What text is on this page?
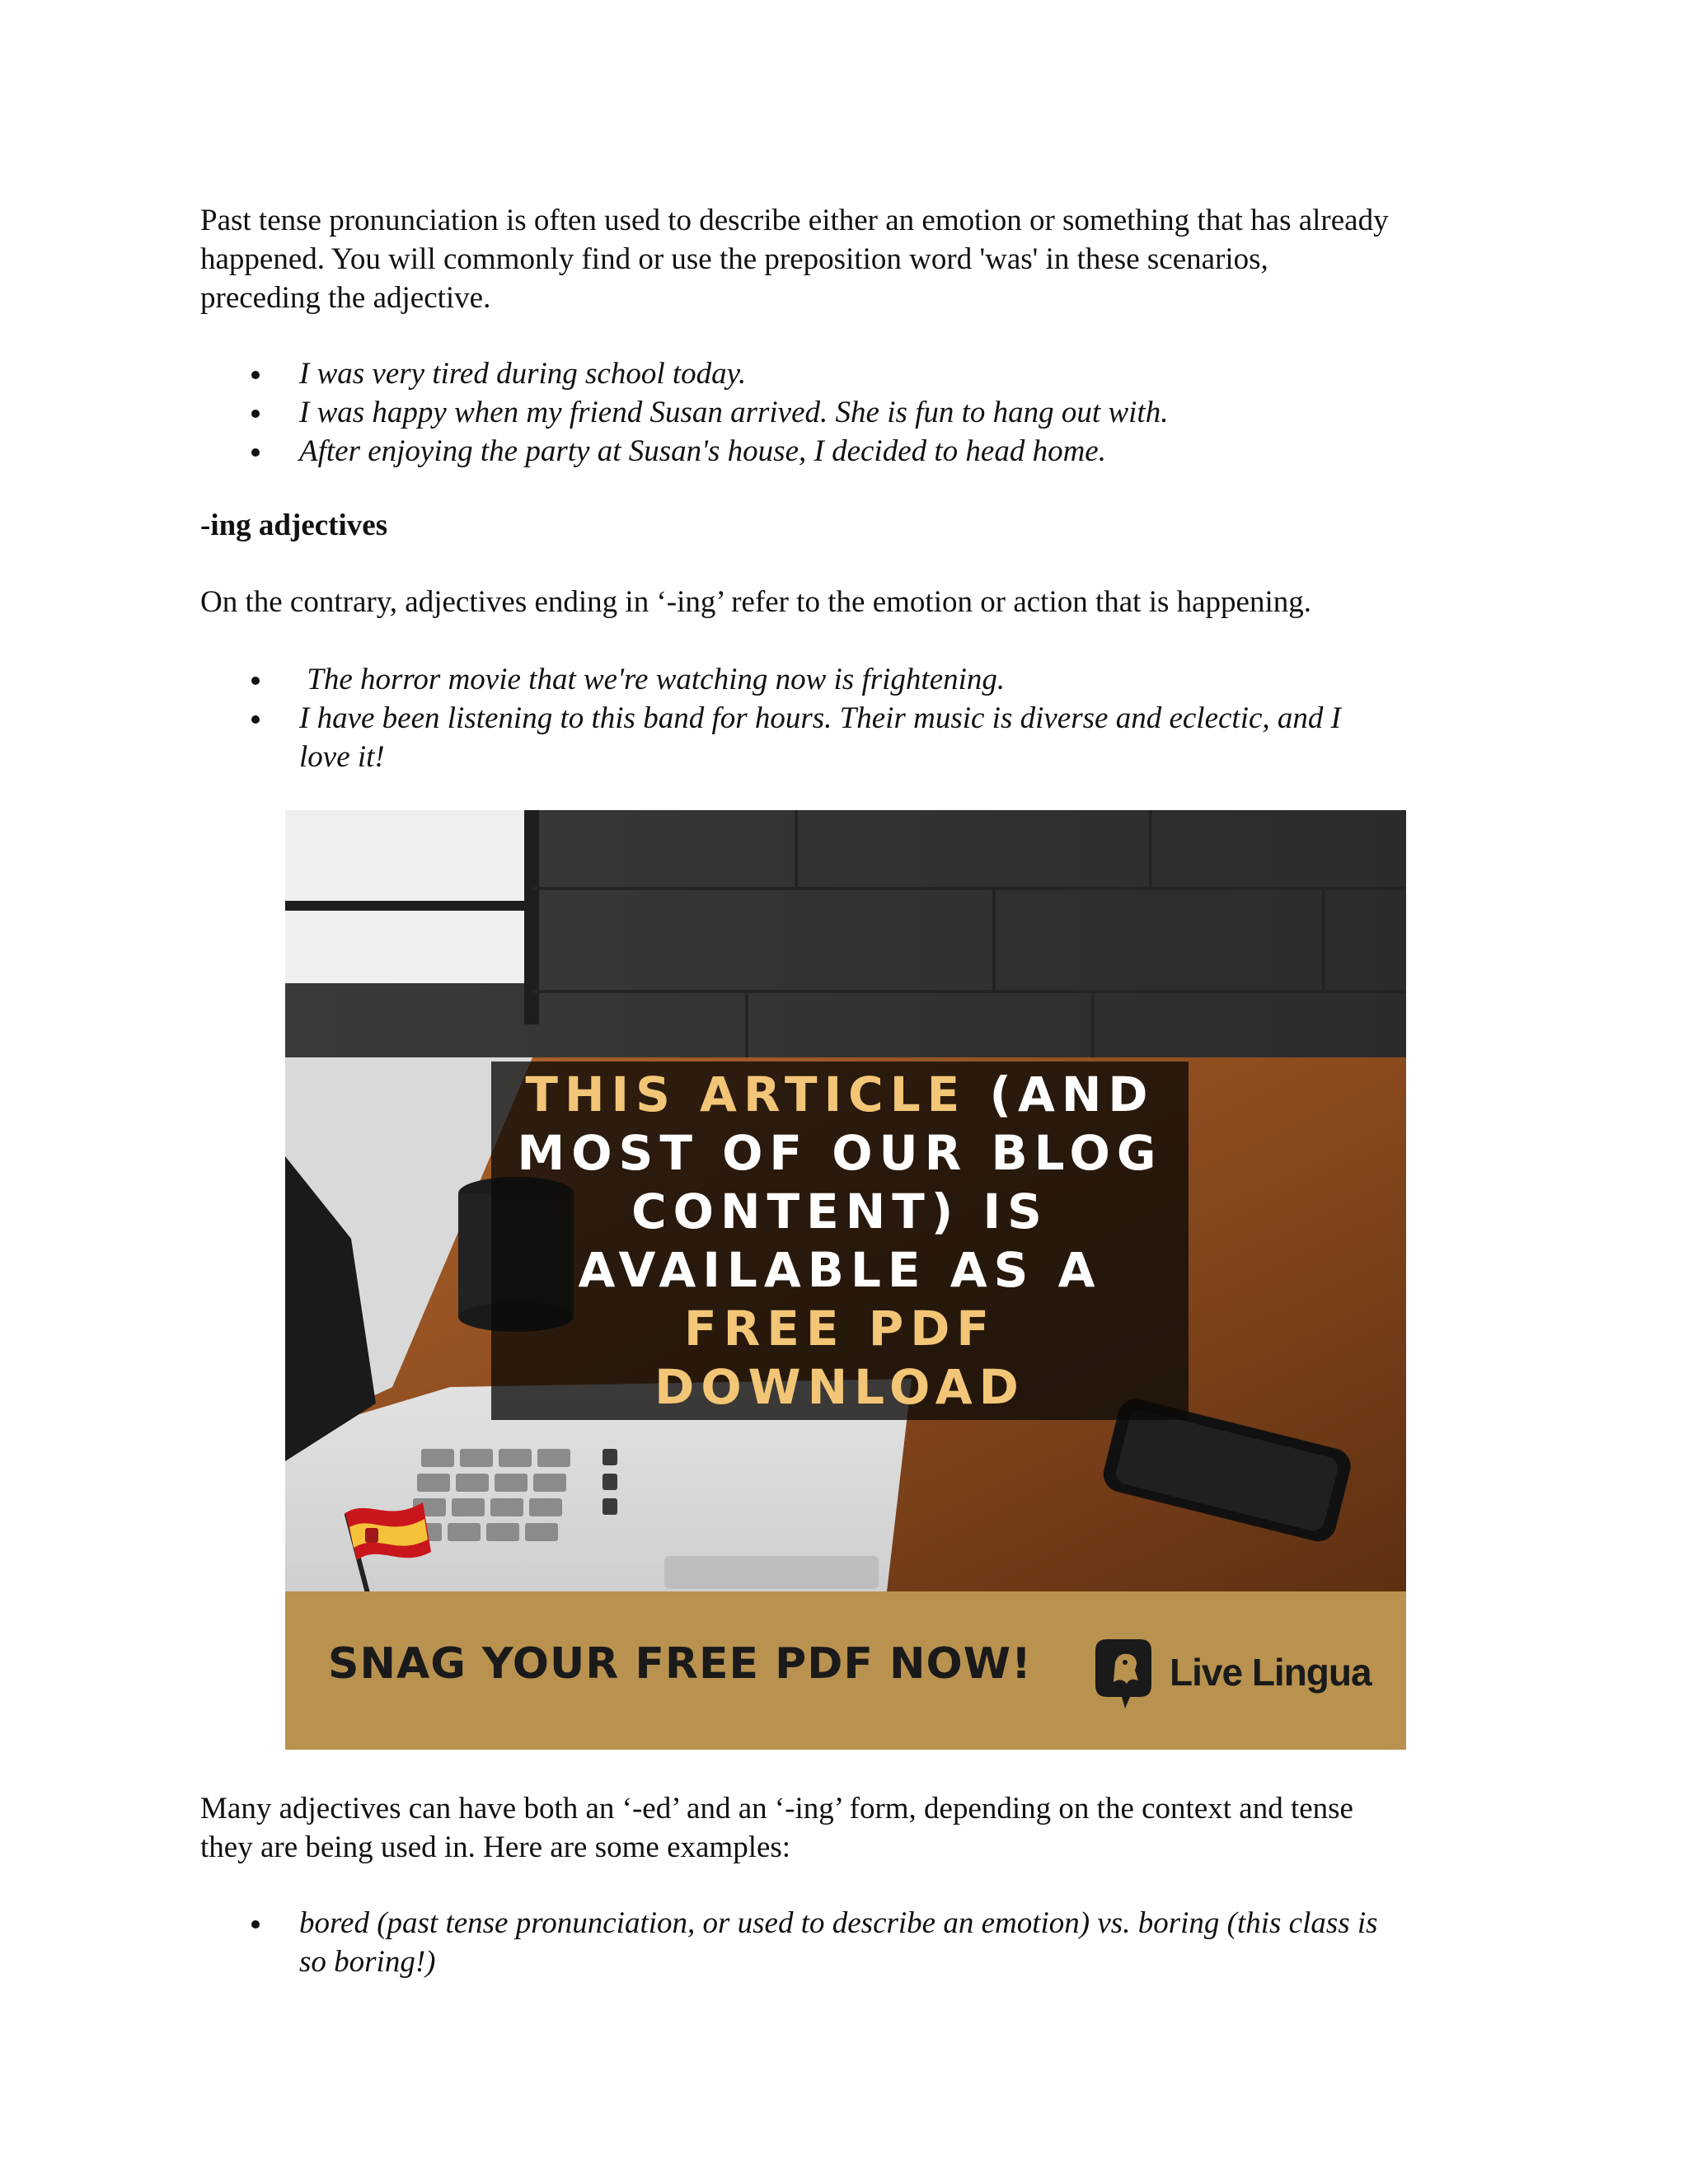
Past tense pronunciation is often used to describe either an emotion or something that has already
happened. You will commonly find or use the preposition word 'was' in these scenarios,
preceding the adjective.

I was very tired during school today.
I was happy when my friend Susan arrived. She is fun to hang out with.
After enjoying the party at Susan's house, I decided to head home.

-ing adjectives

On the contrary, adjectives ending in ‘-ing’ refer to the emotion or action that is happening.

The horror movie that we're watching now is frightening.
I have been listening to this band for hours. Their music is diverse and eclectic, and I
love it!
THIS ARTICLE (AND
MOST OF OUR BLOG
CONTENT) IS
AVAILABLE AS A
FREE PDF
DOWNLOAD
SNAG YOUR FREE PDF NOW!	Live Lingua

Many adjectives can have both an ‘-ed’ and an ‘-ing’ form, depending on the context and tense
they are being used in. Here are some examples:

bored (past tense pronunciation, or used to describe an emotion) vs. boring (this class is
so boring!)
